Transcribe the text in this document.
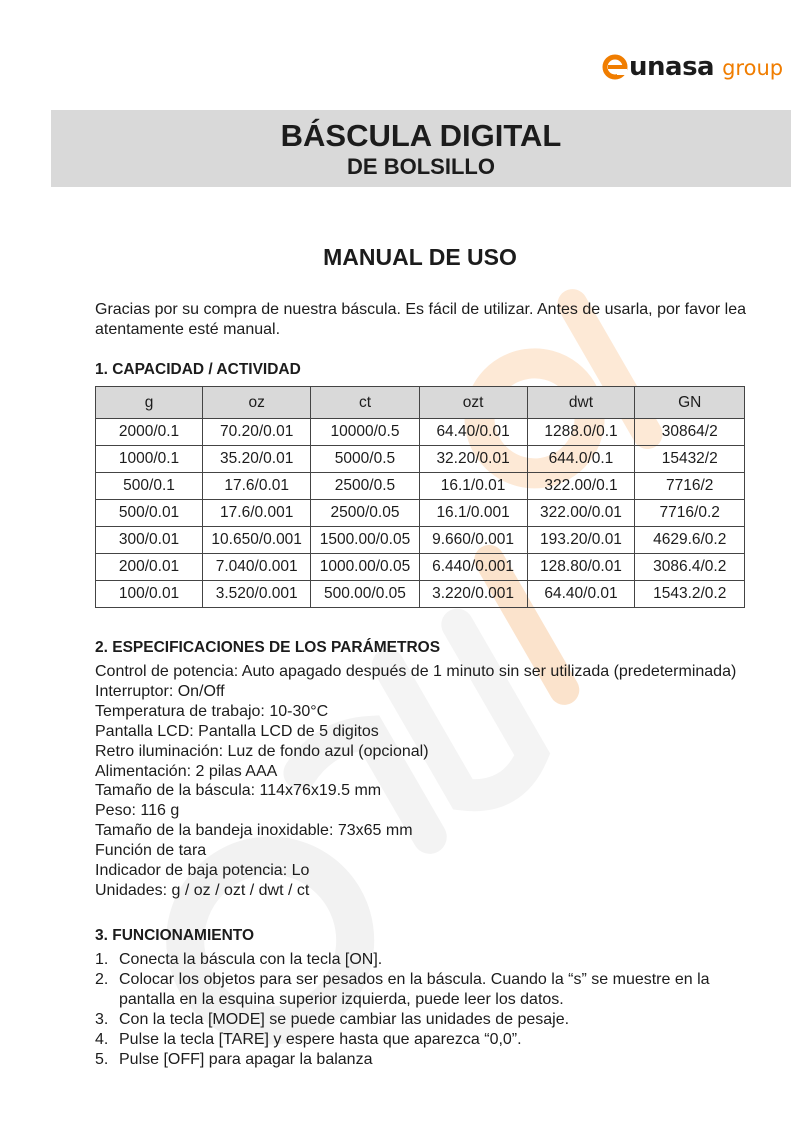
unasa group
BÁSCULA DIGITAL
DE BOLSILLO
MANUAL DE USO
Gracias por su compra de nuestra báscula. Es fácil de utilizar. Antes de usarla, por favor lea atentamente esté manual.
1. CAPACIDAD / ACTIVIDAD
g	oz	ct	ozt	dwt	GN
2000/0.1	70.20/0.01	10000/0.5	64.40/0.01	1288.0/0.1	30864/2
1000/0.1	35.20/0.01	5000/0.5	32.20/0.01	644.0/0.1	15432/2
500/0.1	17.6/0.01	2500/0.5	16.1/0.01	322.00/0.1	7716/2
500/0.01	17.6/0.001	2500/0.05	16.1/0.001	322.00/0.01	7716/0.2
300/0.01	10.650/0.001	1500.00/0.05	9.660/0.001	193.20/0.01	4629.6/0.2
200/0.01	7.040/0.001	1000.00/0.05	6.440/0.001	128.80/0.01	3086.4/0.2
100/0.01	3.520/0.001	500.00/0.05	3.220/0.001	64.40/0.01	1543.2/0.2
2. ESPECIFICACIONES DE LOS PARÁMETROS
Control de potencia: Auto apagado después de 1 minuto sin ser utilizada (predeterminada)
Interruptor: On/Off
Temperatura de trabajo: 10-30°C
Pantalla LCD: Pantalla LCD de 5 digitos
Retro iluminación: Luz de fondo azul (opcional)
Alimentación: 2 pilas AAA
Tamaño de la báscula: 114x76x19.5 mm
Peso: 116 g
Tamaño de la bandeja inoxidable: 73x65 mm
Función de tara
Indicador de baja potencia: Lo
Unidades: g / oz / ozt / dwt / ct
3. FUNCIONAMIENTO
1. Conecta la báscula con la tecla [ON].
2. Colocar los objetos para ser pesados en la báscula. Cuando la “s” se muestre en la pantalla en la esquina superior izquierda, puede leer los datos.
3. Con la tecla [MODE] se puede cambiar las unidades de pesaje.
4. Pulse la tecla [TARE] y espere hasta que aparezca “0,0”.
5. Pulse [OFF] para apagar la balanza
